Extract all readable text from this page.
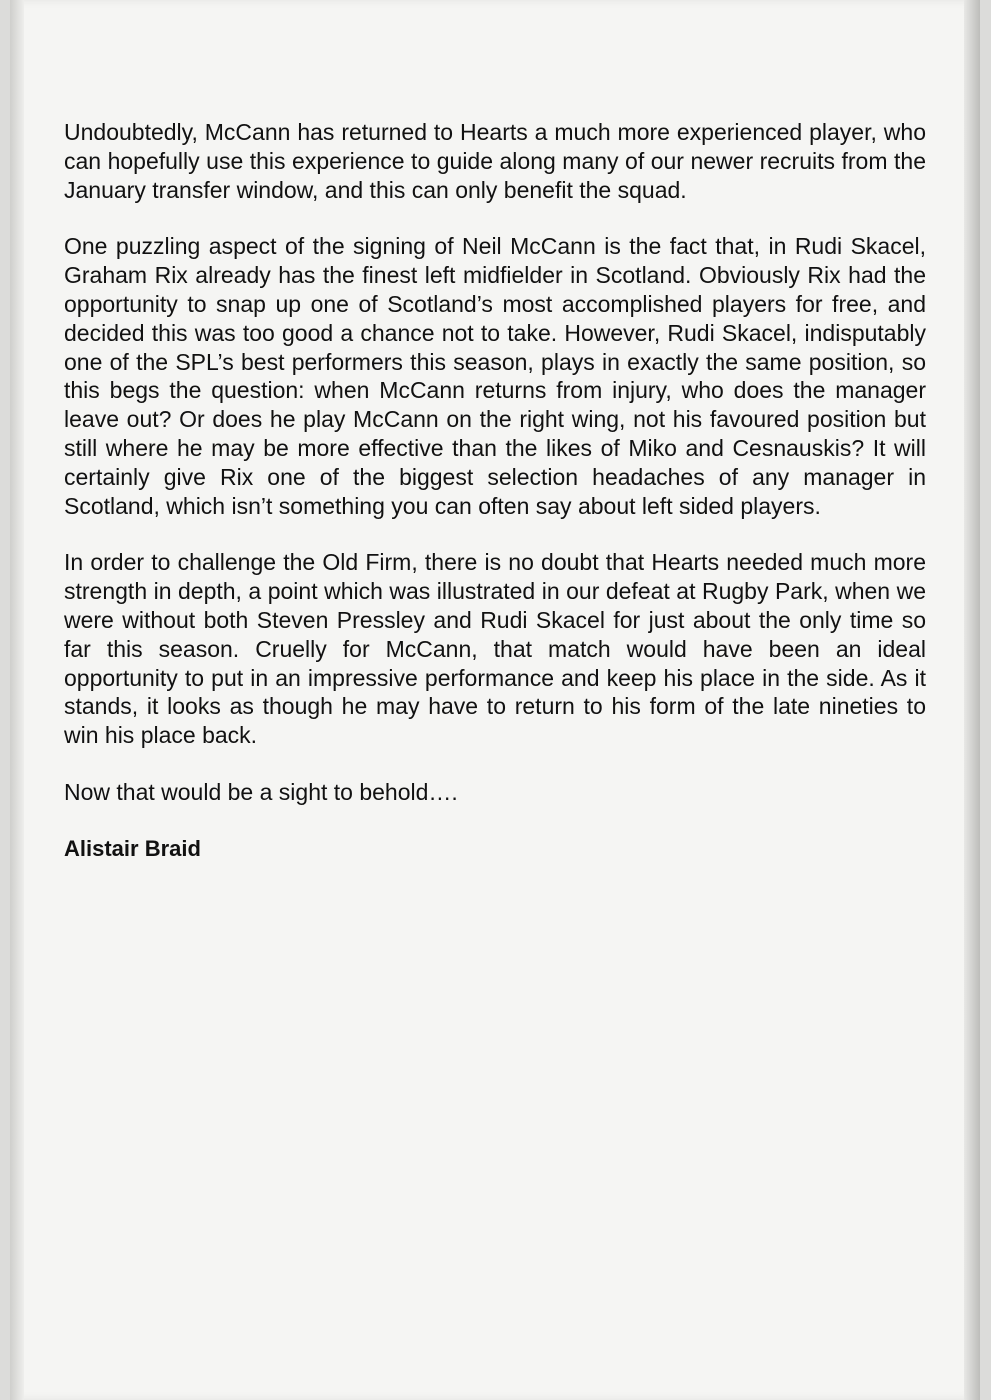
Undoubtedly, McCann has returned to Hearts a much more experienced player, who can hopefully use this experience to guide along many of our newer recruits from the January transfer window, and this can only benefit the squad.

One puzzling aspect of the signing of Neil McCann is the fact that, in Rudi Skacel, Graham Rix already has the finest left midfielder in Scotland. Obviously Rix had the opportunity to snap up one of Scotland’s most accomplished players for free, and decided this was too good a chance not to take. However, Rudi Skacel, indisputably one of the SPL’s best performers this season, plays in exactly the same position, so this begs the question: when McCann returns from injury, who does the manager leave out? Or does he play McCann on the right wing, not his favoured position but still where he may be more effective than the likes of Miko and Cesnauskis? It will certainly give Rix one of the biggest selection headaches of any manager in Scotland, which isn’t something you can often say about left sided players.

In order to challenge the Old Firm, there is no doubt that Hearts needed much more strength in depth, a point which was illustrated in our defeat at Rugby Park, when we were without both Steven Pressley and Rudi Skacel for just about the only time so far this season. Cruelly for McCann, that match would have been an ideal opportunity to put in an impressive performance and keep his place in the side. As it stands, it looks as though he may have to return to his form of the late nineties to win his place back.

Now that would be a sight to behold….

Alistair Braid
